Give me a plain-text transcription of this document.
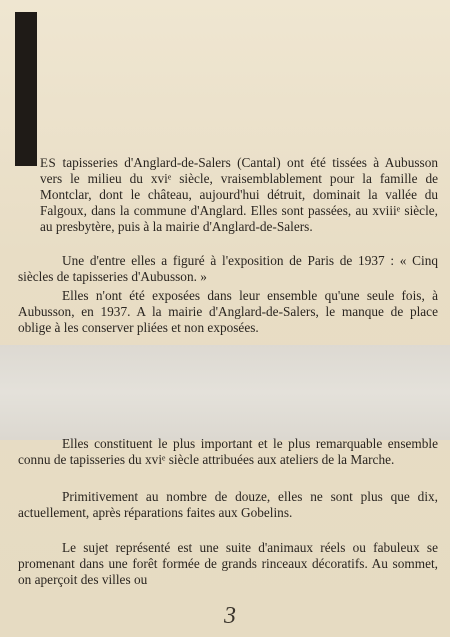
ES tapisseries d'Anglard-de-Salers (Cantal) ont été tissées à Aubusson vers le milieu du xviᵉ siècle, vraisemblablement pour la famille de Montclar, dont le château, aujourd'hui détruit, dominait la vallée du Falgoux, dans la commune d'Anglard. Elles sont passées, au xviiiᵉ siècle, au presbytère, puis à la mairie d'Anglard-de-Salers.

Une d'entre elles a figuré à l'exposition de Paris de 1937 : « Cinq siècles de tapisseries d'Aubusson. »

Elles n'ont été exposées dans leur ensemble qu'une seule fois, à Aubusson, en 1937. A la mairie d'Anglard-de-Salers, le manque de place oblige à les conserver pliées et non exposées.

Elles constituent le plus important et le plus remarquable ensemble connu de tapisseries du xviᵉ siècle attribuées aux ateliers de la Marche.

Primitivement au nombre de douze, elles ne sont plus que dix, actuellement, après réparations faites aux Gobelins.

Le sujet représenté est une suite d'animaux réels ou fabuleux se promenant dans une forêt formée de grands rinceaux décoratifs. Au sommet, on aperçoit des villes ou

3
